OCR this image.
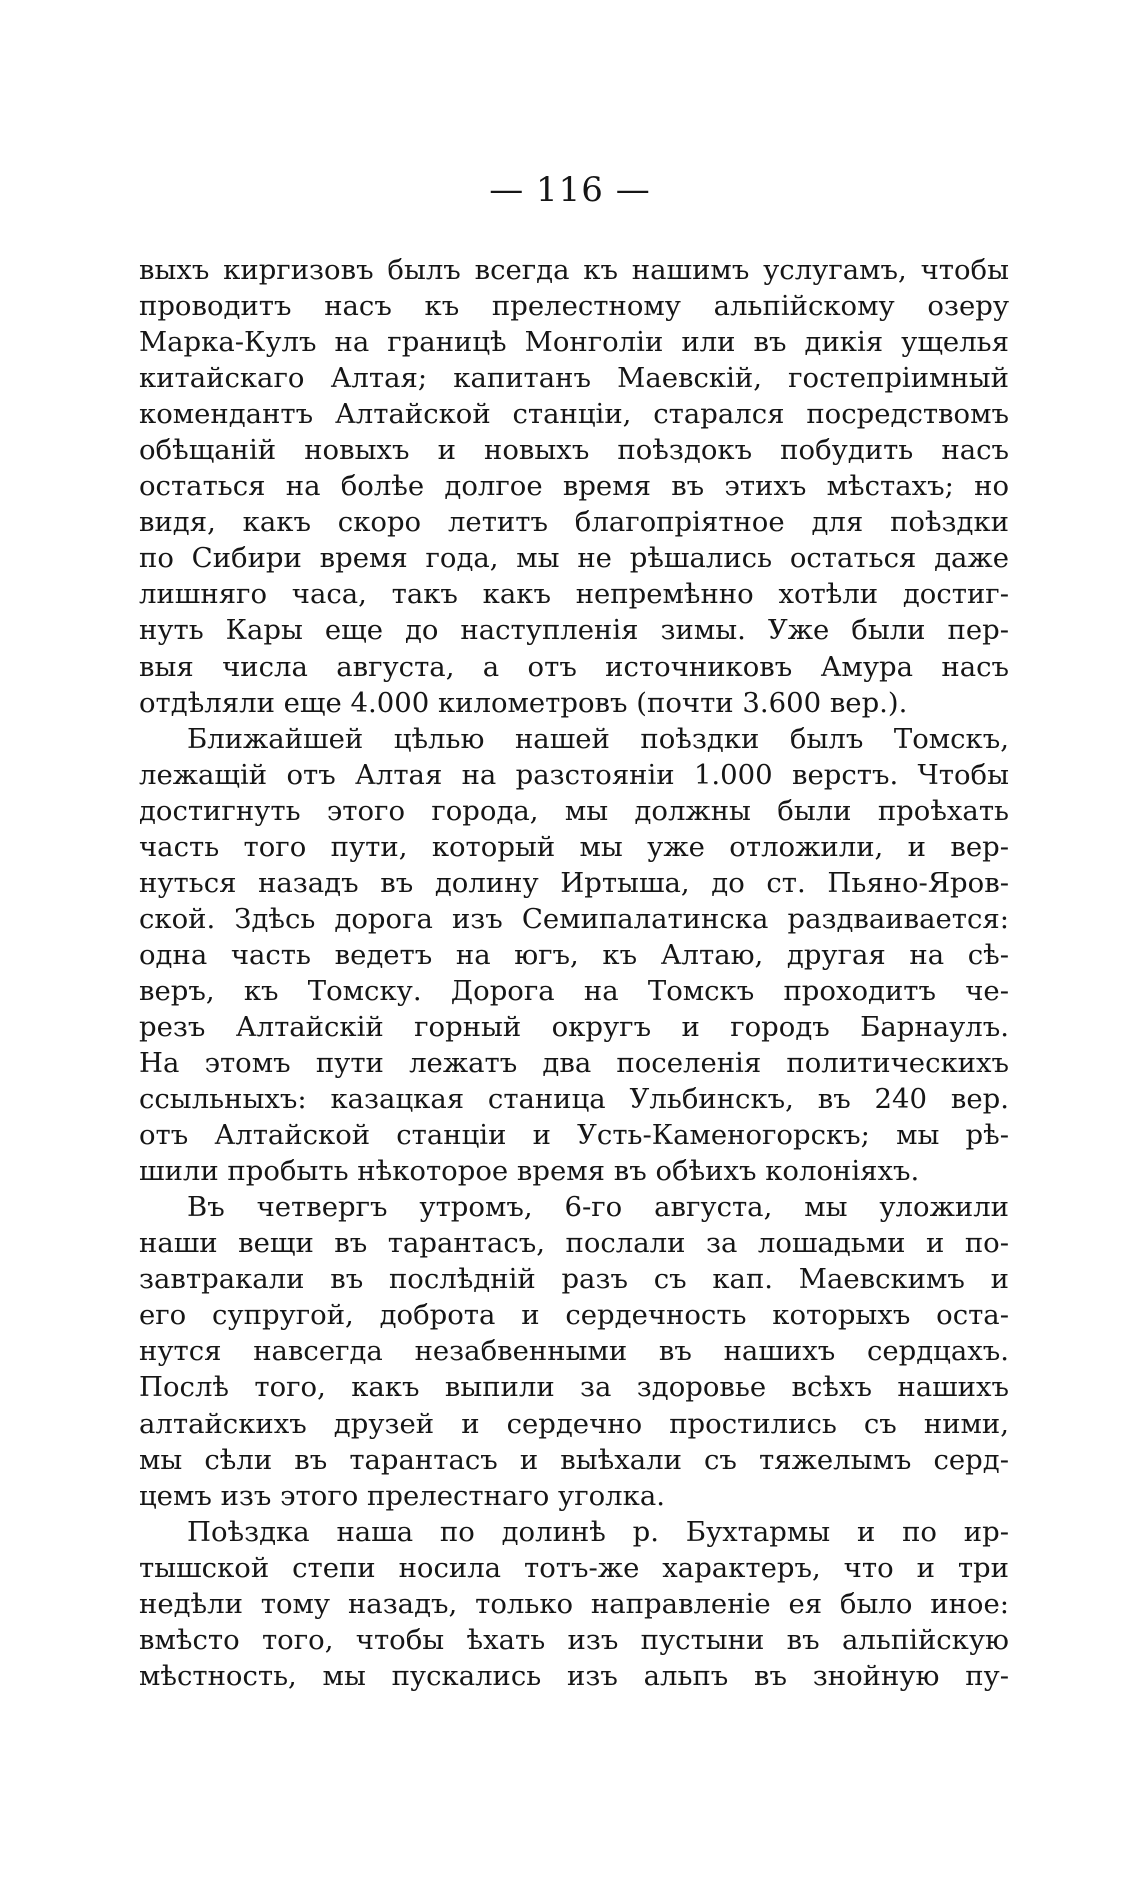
— 116 —
выхъ киргизовъ былъ всегда къ нашимъ услугамъ, чтобы
проводитъ насъ къ прелестному альпійскому озеру
Марка-Кулъ на границѣ Монголіи или въ дикія ущелья
китайскаго Алтая; капитанъ Маевскій, гостепріимный
комендантъ Алтайской станціи, старался посредствомъ
обѣщаній новыхъ и новыхъ поѣздокъ побудить насъ
остаться на болѣе долгое время въ этихъ мѣстахъ; но
видя, какъ скоро летитъ благопріятное для поѣздки
по Сибири время года, мы не рѣшались остаться даже
лишняго часа, такъ какъ непремѣнно хотѣли достиг-
нуть Кары еще до наступленія зимы. Уже были пер-
выя числа августа, а отъ источниковъ Амура насъ
отдѣляли еще 4.000 километровъ (почти 3.600 вер.).
Ближайшей цѣлью нашей поѣздки былъ Томскъ,
лежащій отъ Алтая на разстояніи 1.000 верстъ. Чтобы
достигнуть этого города, мы должны были проѣхать
часть того пути, который мы уже отложили, и вер-
нуться назадъ въ долину Иртыша, до ст. Пьяно-Яров-
ской. Здѣсь дорога изъ Семипалатинска раздваивается:
одна часть ведетъ на югъ, къ Алтаю, другая на сѣ-
веръ, къ Томску. Дорога на Томскъ проходитъ че-
резъ Алтайскій горный округъ и городъ Барнаулъ.
На этомъ пути лежатъ два поселенія политическихъ
ссыльныхъ: казацкая станица Ульбинскъ, въ 240 вер.
отъ Алтайской станціи и Усть-Каменогорскъ; мы рѣ-
шили пробыть нѣкоторое время въ обѣихъ колоніяхъ.
Въ четвергъ утромъ, 6-го августа, мы уложили
наши вещи въ тарантасъ, послали за лошадьми и по-
завтракали въ послѣдній разъ съ кап. Маевскимъ и
его супругой, доброта и сердечность которыхъ оста-
нутся навсегда незабвенными въ нашихъ сердцахъ.
Послѣ того, какъ выпили за здоровье всѣхъ нашихъ
алтайскихъ друзей и сердечно простились съ ними,
мы сѣли въ тарантасъ и выѣхали съ тяжелымъ серд-
цемъ изъ этого прелестнаго уголка.
Поѣздка наша по долинѣ р. Бухтармы и по ир-
тышской степи носила тотъ-же характеръ, что и три
недѣли тому назадъ, только направленіе ея было иное:
вмѣсто того, чтобы ѣхать изъ пустыни въ альпійскую
мѣстность, мы пускались изъ альпъ въ знойную пу-
